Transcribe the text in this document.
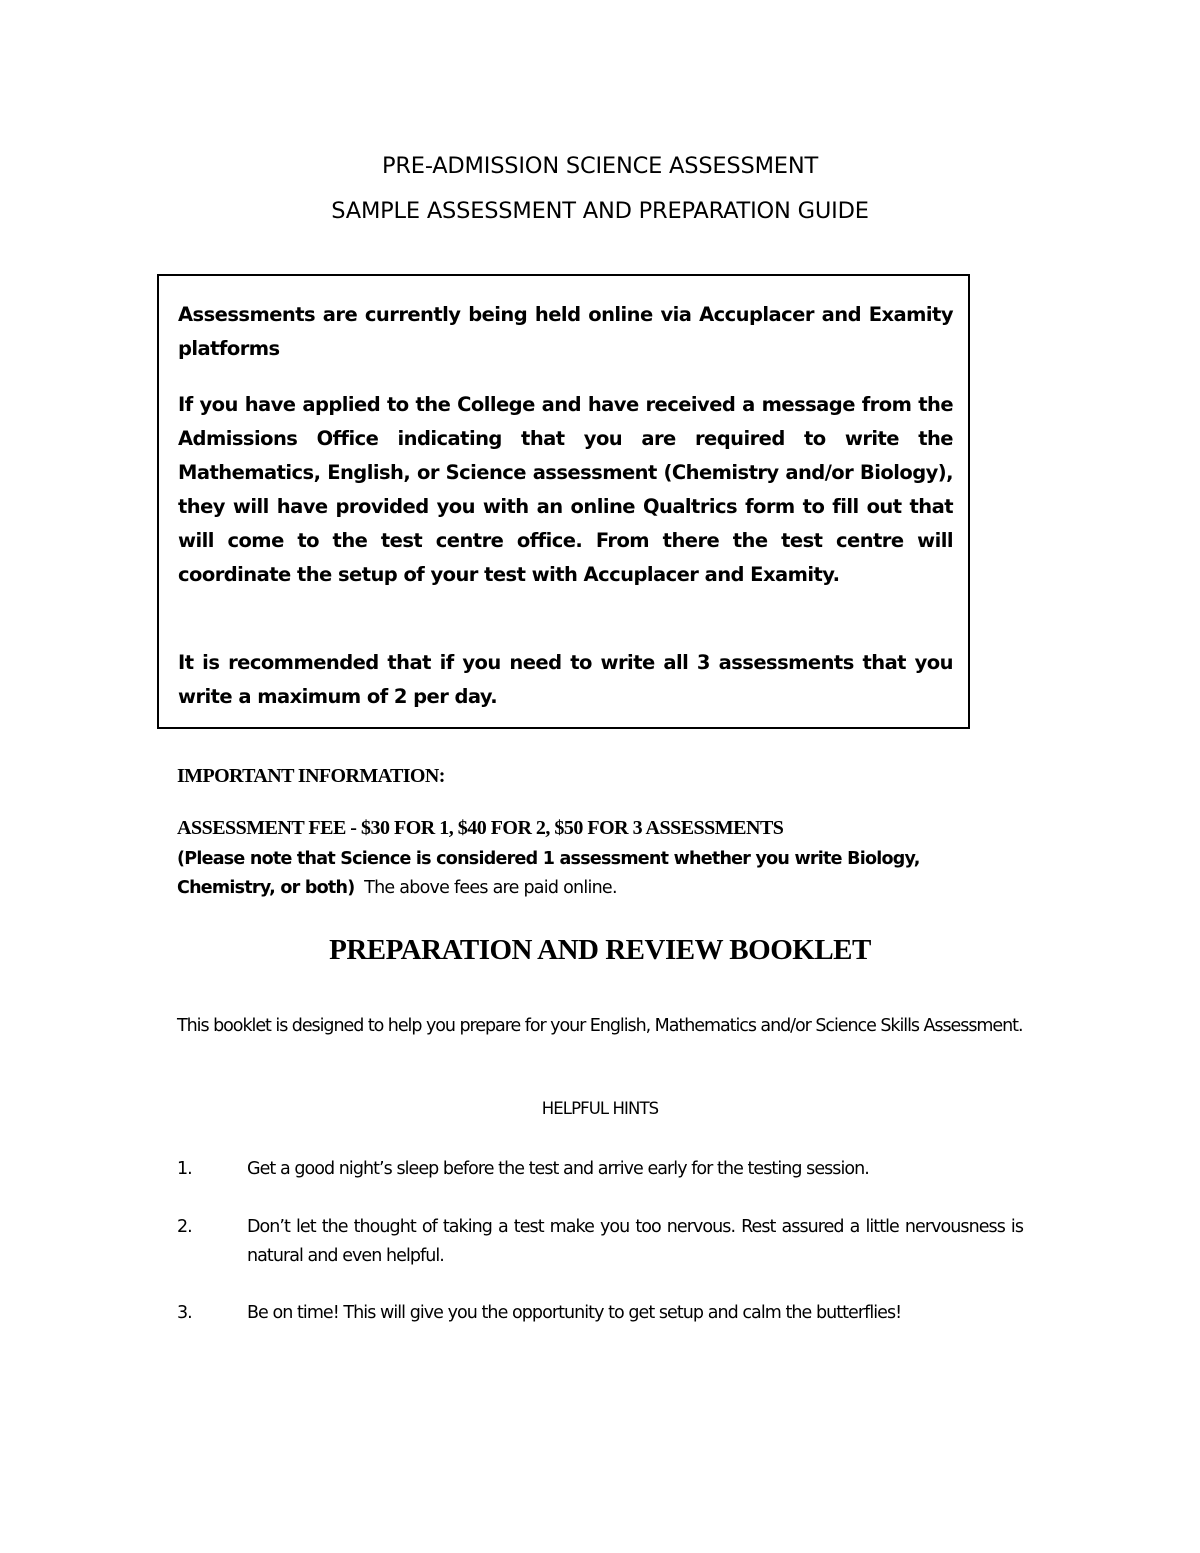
PRE-ADMISSION SCIENCE ASSESSMENT
SAMPLE ASSESSMENT AND PREPARATION GUIDE

Assessments are currently being held online via Accuplacer and Examity platforms

If you have applied to the College and have received a message from the Admissions Office indicating that you are required to write the Mathematics, English, or Science assessment (Chemistry and/or Biology), they will have provided you with an online Qualtrics form to fill out that will come to the test centre office. From there the test centre will coordinate the setup of your test with Accuplacer and Examity.

It is recommended that if you need to write all 3 assessments that you write a maximum of 2 per day.

IMPORTANT INFORMATION:
ASSESSMENT FEE - $30 FOR 1, $40 FOR 2, $50 FOR 3 ASSESSMENTS
(Please note that Science is considered 1 assessment whether you write Biology, Chemistry, or both) The above fees are paid online.
PREPARATION AND REVIEW BOOKLET
This booklet is designed to help you prepare for your English, Mathematics and/or Science Skills Assessment.
HELPFUL HINTS
1.	Get a good night’s sleep before the test and arrive early for the testing session.
2.	Don’t let the thought of taking a test make you too nervous. Rest assured a little nervousness is natural and even helpful.
3.	Be on time! This will give you the opportunity to get setup and calm the butterflies!
